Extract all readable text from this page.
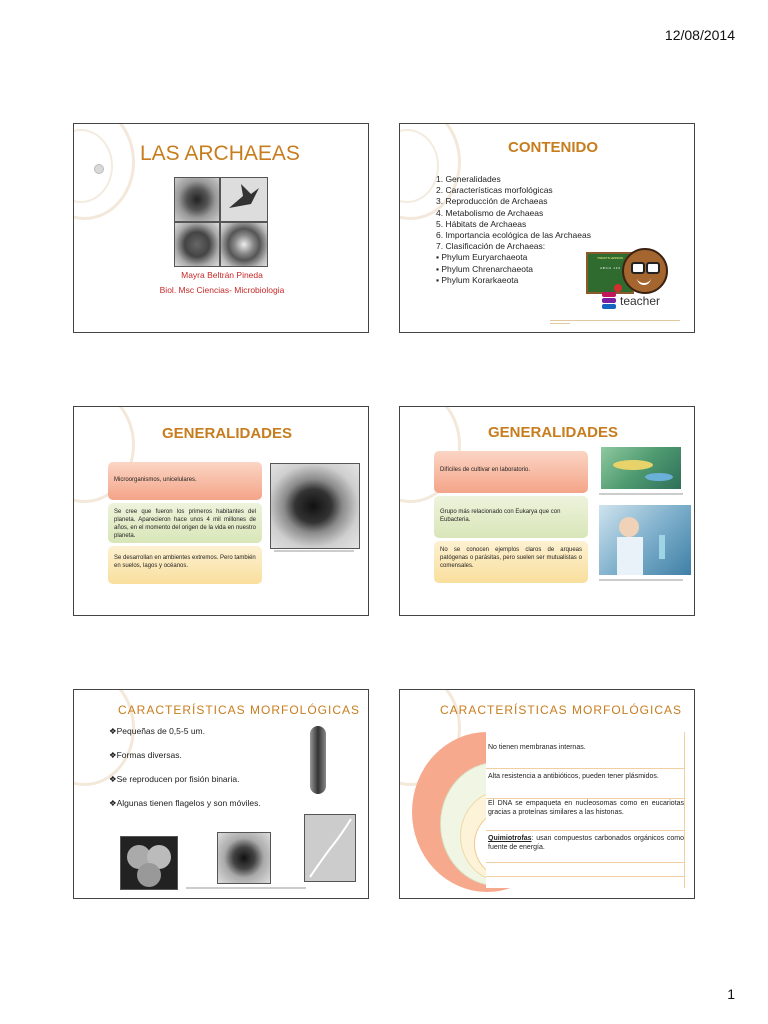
12/08/2014
LAS ARCHAEAS
Mayra Beltrán Pineda
Biol. Msc Ciencias- Microbiologia
CONTENIDO
1. Generalidades
2. Características morfológicas
3. Reproducción de Archaeas
4. Metabolismo de Archaeas
5. Hábitats de Archaeas
6. Importancia ecológica de las Archaeas
7. Clasificación de Archaeas:
▪ Phylum Euryarchaeota
▪ Phylum Chrenarchaeota
▪ Phylum Korarkaeota
TODAY'S LESSON
A B C H   1 2 3
teacher
GENERALIDADES
Microorganismos, unicelulares.
Se cree que fueron los primeros habitantes del planeta. Aparecieron hace unos 4 mil millones de años, en el momento del origen de la vida en nuestro planeta.
Se desarrollan en ambientes extremos. Pero también en suelos, lagos y océanos.
GENERALIDADES
Difíciles de cultivar en laboratorio.
Grupo más relacionado con Eukarya que con Eubacteria.
No se conocen ejemplos claros de arqueas patógenas o parásitas, pero suelen ser mutualistas o comensales.
CARACTERÍSTICAS MORFOLÓGICAS
❖Pequeñas de 0,5-5 um.
❖Formas diversas.
❖Se reproducen por fisión binaria.
❖Algunas tienen flagelos y son móviles.
CARACTERÍSTICAS MORFOLÓGICAS
No tienen membranas internas.
Alta resistencia a antibióticos, pueden tener plásmidos.
El DNA se empaqueta en nucleosomas como en eucariotas gracias a proteínas similares a las histonas.
Quimiotrofas: usan compuestos carbonados orgánicos como fuente de energía.
1
